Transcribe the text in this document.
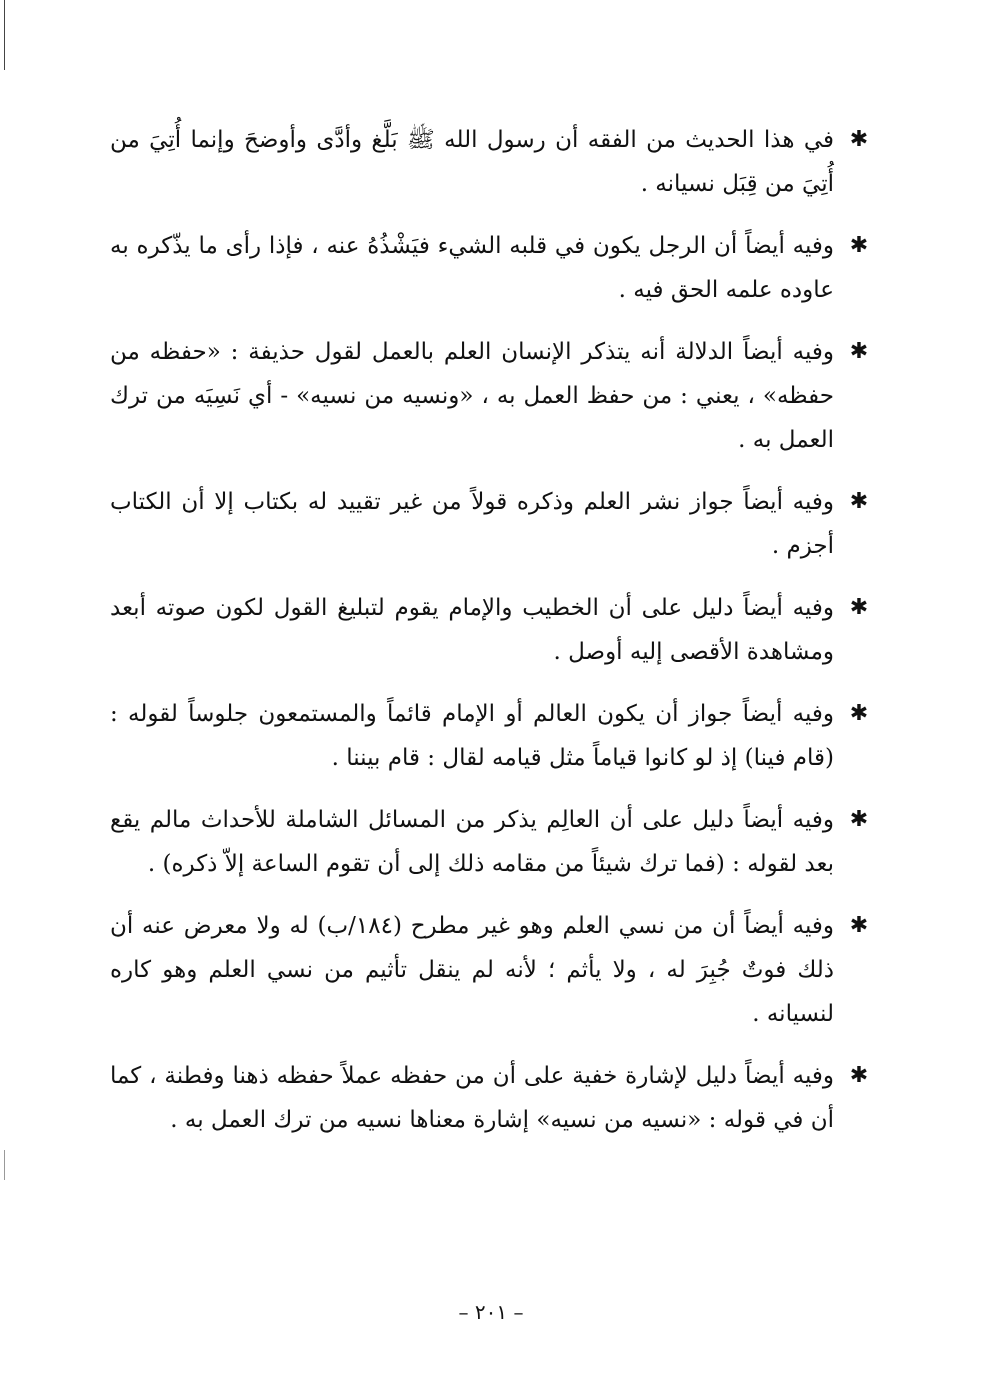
✱
في هذا الحديث من الفقه أن رسول الله ﷺ بَلَّغ وأدَّى وأوضحَ وإنما أُتِيَ من أُتِيَ من قِبَل نسيانه .
✱
وفيه أيضاً أن الرجل يكون في قلبه الشيء فيَشْذُهُ عنه ، فإذا رأى ما يذّكره به عاوده علمه الحق فيه .
✱
وفيه أيضاً الدلالة أنه يتذكر الإنسان العلم بالعمل لقول حذيفة : «حفظه من حفظه» ، يعني : من حفظ العمل به ، «ونسيه من نسيه» - أي نَسِيَه من ترك العمل به .
✱
وفيه أيضاً جواز نشر العلم وذكره قولاً من غير تقييد له بكتاب إلا أن الكتاب أجزم .
✱
وفيه أيضاً دليل على أن الخطيب والإمام يقوم لتبليغ القول لكون صوته أبعد ومشاهدة الأقصى إليه أوصل .
✱
وفيه أيضاً جواز أن يكون العالم أو الإمام قائماً والمستمعون جلوساً لقوله : (قام فينا) إذ لو كانوا قياماً مثل قيامه لقال : قام بيننا .
✱
وفيه أيضاً دليل على أن العالِم يذكر من المسائل الشاملة للأحداث مالم يقع بعد لقوله : (فما ترك شيئاً من مقامه ذلك إلى أن تقوم الساعة إلاّ ذكره) .
✱
وفيه أيضاً أن من نسي العلم وهو غير مطرح (١٨٤/ب) له ولا معرض عنه أن ذلك فوتٌ جُبِرَ له ، ولا يأثم ؛ لأنه لم ينقل تأثيم من نسي العلم وهو كاره لنسيانه .
✱
وفيه أيضاً دليل لإشارة خفية على أن من حفظه عملاً حفظه ذهنا وفطنة ، كما أن في قوله : «نسيه من نسيه» إشارة معناها نسيه من ترك العمل به .
– ٢٠١ –
